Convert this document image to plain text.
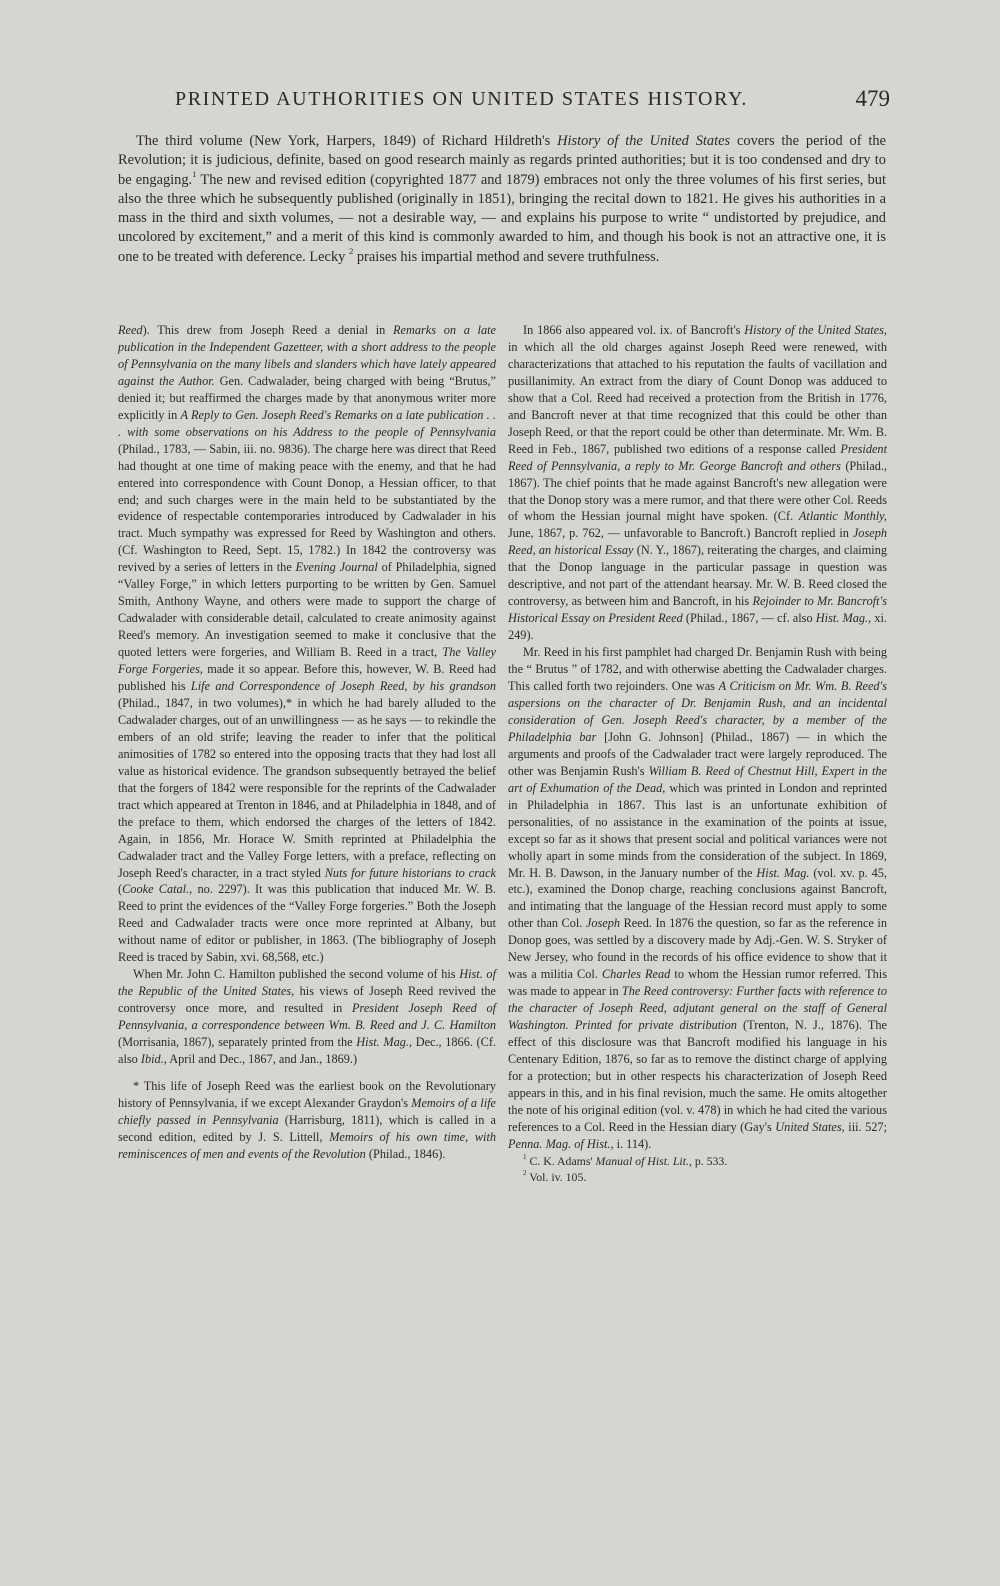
PRINTED AUTHORITIES ON UNITED STATES HISTORY.	479

The third volume (New York, Harpers, 1849) of Richard Hildreth's History of the United States covers the period of the Revolution; it is judicious, definite, based on good research mainly as regards printed authorities; but it is too condensed and dry to be engaging.$^1$ The new and revised edition (copyrighted 1877 and 1879) embraces not only the three volumes of his first series, but also the three which he subsequently published (originally in 1851), bringing the recital down to 1821. He gives his authorities in a mass in the third and sixth volumes, — not a desirable way, — and explains his purpose to write “ undistorted by prejudice, and uncolored by excitement,” and a merit of this kind is commonly awarded to him, and though his book is not an attractive one, it is one to be treated with deference. Lecky $^2$ praises his impartial method and severe truthfulness.

Reed). This drew from Joseph Reed a denial in Remarks on a late publication in the Independent Gazetteer, with a short address to the people of Pennsylvania on the many libels and slanders which have lately appeared against the Author. Gen. Cadwalader, being charged with being “Brutus,” denied it; but reaffirmed the charges made by that anonymous writer more explicitly in A Reply to Gen. Joseph Reed's Remarks on a late publication . . . with some observations on his Address to the people of Pennsylvania (Philad., 1783, — Sabin, iii. no. 9836). The charge here was direct that Reed had thought at one time of making peace with the enemy, and that he had entered into correspondence with Count Donop, a Hessian officer, to that end; and such charges were in the main held to be substantiated by the evidence of respectable contemporaries introduced by Cadwalader in his tract. Much sympathy was expressed for Reed by Washington and others. (Cf. Washington to Reed, Sept. 15, 1782.) In 1842 the controversy was revived by a series of letters in the Evening Journal of Philadelphia, signed “Valley Forge,” in which letters purporting to be written by Gen. Samuel Smith, Anthony Wayne, and others were made to support the charge of Cadwalader with considerable detail, calculated to create animosity against Reed's memory. An investigation seemed to make it conclusive that the quoted letters were forgeries, and William B. Reed in a tract, The Valley Forge Forgeries, made it so appear. Before this, however, W. B. Reed had published his Life and Correspondence of Joseph Reed, by his grandson (Philad., 1847, in two volumes),* in which he had barely alluded to the Cadwalader charges, out of an unwillingness — as he says — to rekindle the embers of an old strife; leaving the reader to infer that the political animosities of 1782 so entered into the opposing tracts that they had lost all value as historical evidence. The grandson subsequently betrayed the belief that the forgers of 1842 were responsible for the reprints of the Cadwalader tract which appeared at Trenton in 1846, and at Philadelphia in 1848, and of the preface to them, which endorsed the charges of the letters of 1842. Again, in 1856, Mr. Horace W. Smith reprinted at Philadelphia the Cadwalader tract and the Valley Forge letters, with a preface, reflecting on Joseph Reed's character, in a tract styled Nuts for future historians to crack (Cooke Catal., no. 2297). It was this publication that induced Mr. W. B. Reed to print the evidences of the “Valley Forge forgeries.” Both the Joseph Reed and Cadwalader tracts were once more reprinted at Albany, but without name of editor or publisher, in 1863. (The bibliography of Joseph Reed is traced by Sabin, xvi. 68,568, etc.)

When Mr. John C. Hamilton published the second volume of his Hist. of the Republic of the United States, his views of Joseph Reed revived the controversy once more, and resulted in President Joseph Reed of Pennsylvania, a correspondence between Wm. B. Reed and J. C. Hamilton (Morrisania, 1867), separately printed from the Hist. Mag., Dec., 1866. (Cf. also Ibid., April and Dec., 1867, and Jan., 1869.)

* This life of Joseph Reed was the earliest book on the Revolutionary history of Pennsylvania, if we except Alexander Graydon's Memoirs of a life chiefly passed in Pennsylvania (Harrisburg, 1811), which is called in a second edition, edited by J. S. Littell, Memoirs of his own time, with reminiscences of men and events of the Revolution (Philad., 1846).

In 1866 also appeared vol. ix. of Bancroft's History of the United States, in which all the old charges against Joseph Reed were renewed, with characterizations that attached to his reputation the faults of vacillation and pusillanimity. An extract from the diary of Count Donop was adduced to show that a Col. Reed had received a protection from the British in 1776, and Bancroft never at that time recognized that this could be other than Joseph Reed, or that the report could be other than determinate. Mr. Wm. B. Reed in Feb., 1867, published two editions of a response called President Reed of Pennsylvania, a reply to Mr. George Bancroft and others (Philad., 1867). The chief points that he made against Bancroft's new allegation were that the Donop story was a mere rumor, and that there were other Col. Reeds of whom the Hessian journal might have spoken. (Cf. Atlantic Monthly, June, 1867, p. 762, — unfavorable to Bancroft.) Bancroft replied in Joseph Reed, an historical Essay (N. Y., 1867), reiterating the charges, and claiming that the Donop language in the particular passage in question was descriptive, and not part of the attendant hearsay. Mr. W. B. Reed closed the controversy, as between him and Bancroft, in his Rejoinder to Mr. Bancroft's Historical Essay on President Reed (Philad., 1867, — cf. also Hist. Mag., xi. 249).

Mr. Reed in his first pamphlet had charged Dr. Benjamin Rush with being the “ Brutus ” of 1782, and with otherwise abetting the Cadwalader charges. This called forth two rejoinders. One was A Criticism on Mr. Wm. B. Reed's aspersions on the character of Dr. Benjamin Rush, and an incidental consideration of Gen. Joseph Reed's character, by a member of the Philadelphia bar [John G. Johnson] (Philad., 1867) — in which the arguments and proofs of the Cadwalader tract were largely reproduced. The other was Benjamin Rush's William B. Reed of Chestnut Hill, Expert in the art of Exhumation of the Dead, which was printed in London and reprinted in Philadelphia in 1867. This last is an unfortunate exhibition of personalities, of no assistance in the examination of the points at issue, except so far as it shows that present social and political variances were not wholly apart in some minds from the consideration of the subject. In 1869, Mr. H. B. Dawson, in the January number of the Hist. Mag. (vol. xv. p. 45, etc.), examined the Donop charge, reaching conclusions against Bancroft, and intimating that the language of the Hessian record must apply to some other than Col. Joseph Reed. In 1876 the question, so far as the reference in Donop goes, was settled by a discovery made by Adj.-Gen. W. S. Stryker of New Jersey, who found in the records of his office evidence to show that it was a militia Col. Charles Read to whom the Hessian rumor referred. This was made to appear in The Reed controversy: Further facts with reference to the character of Joseph Reed, adjutant general on the staff of General Washington. Printed for private distribution (Trenton, N. J., 1876). The effect of this disclosure was that Bancroft modified his language in his Centenary Edition, 1876, so far as to remove the distinct charge of applying for a protection; but in other respects his characterization of Joseph Reed appears in this, and in his final revision, much the same. He omits altogether the note of his original edition (vol. v. 478) in which he had cited the various references to a Col. Reed in the Hessian diary (Gay's United States, iii. 527; Penna. Mag. of Hist., i. 114).

$^1$ C. K. Adams' Manual of Hist. Lit., p. 533.

$^2$ Vol. iv. 105.
